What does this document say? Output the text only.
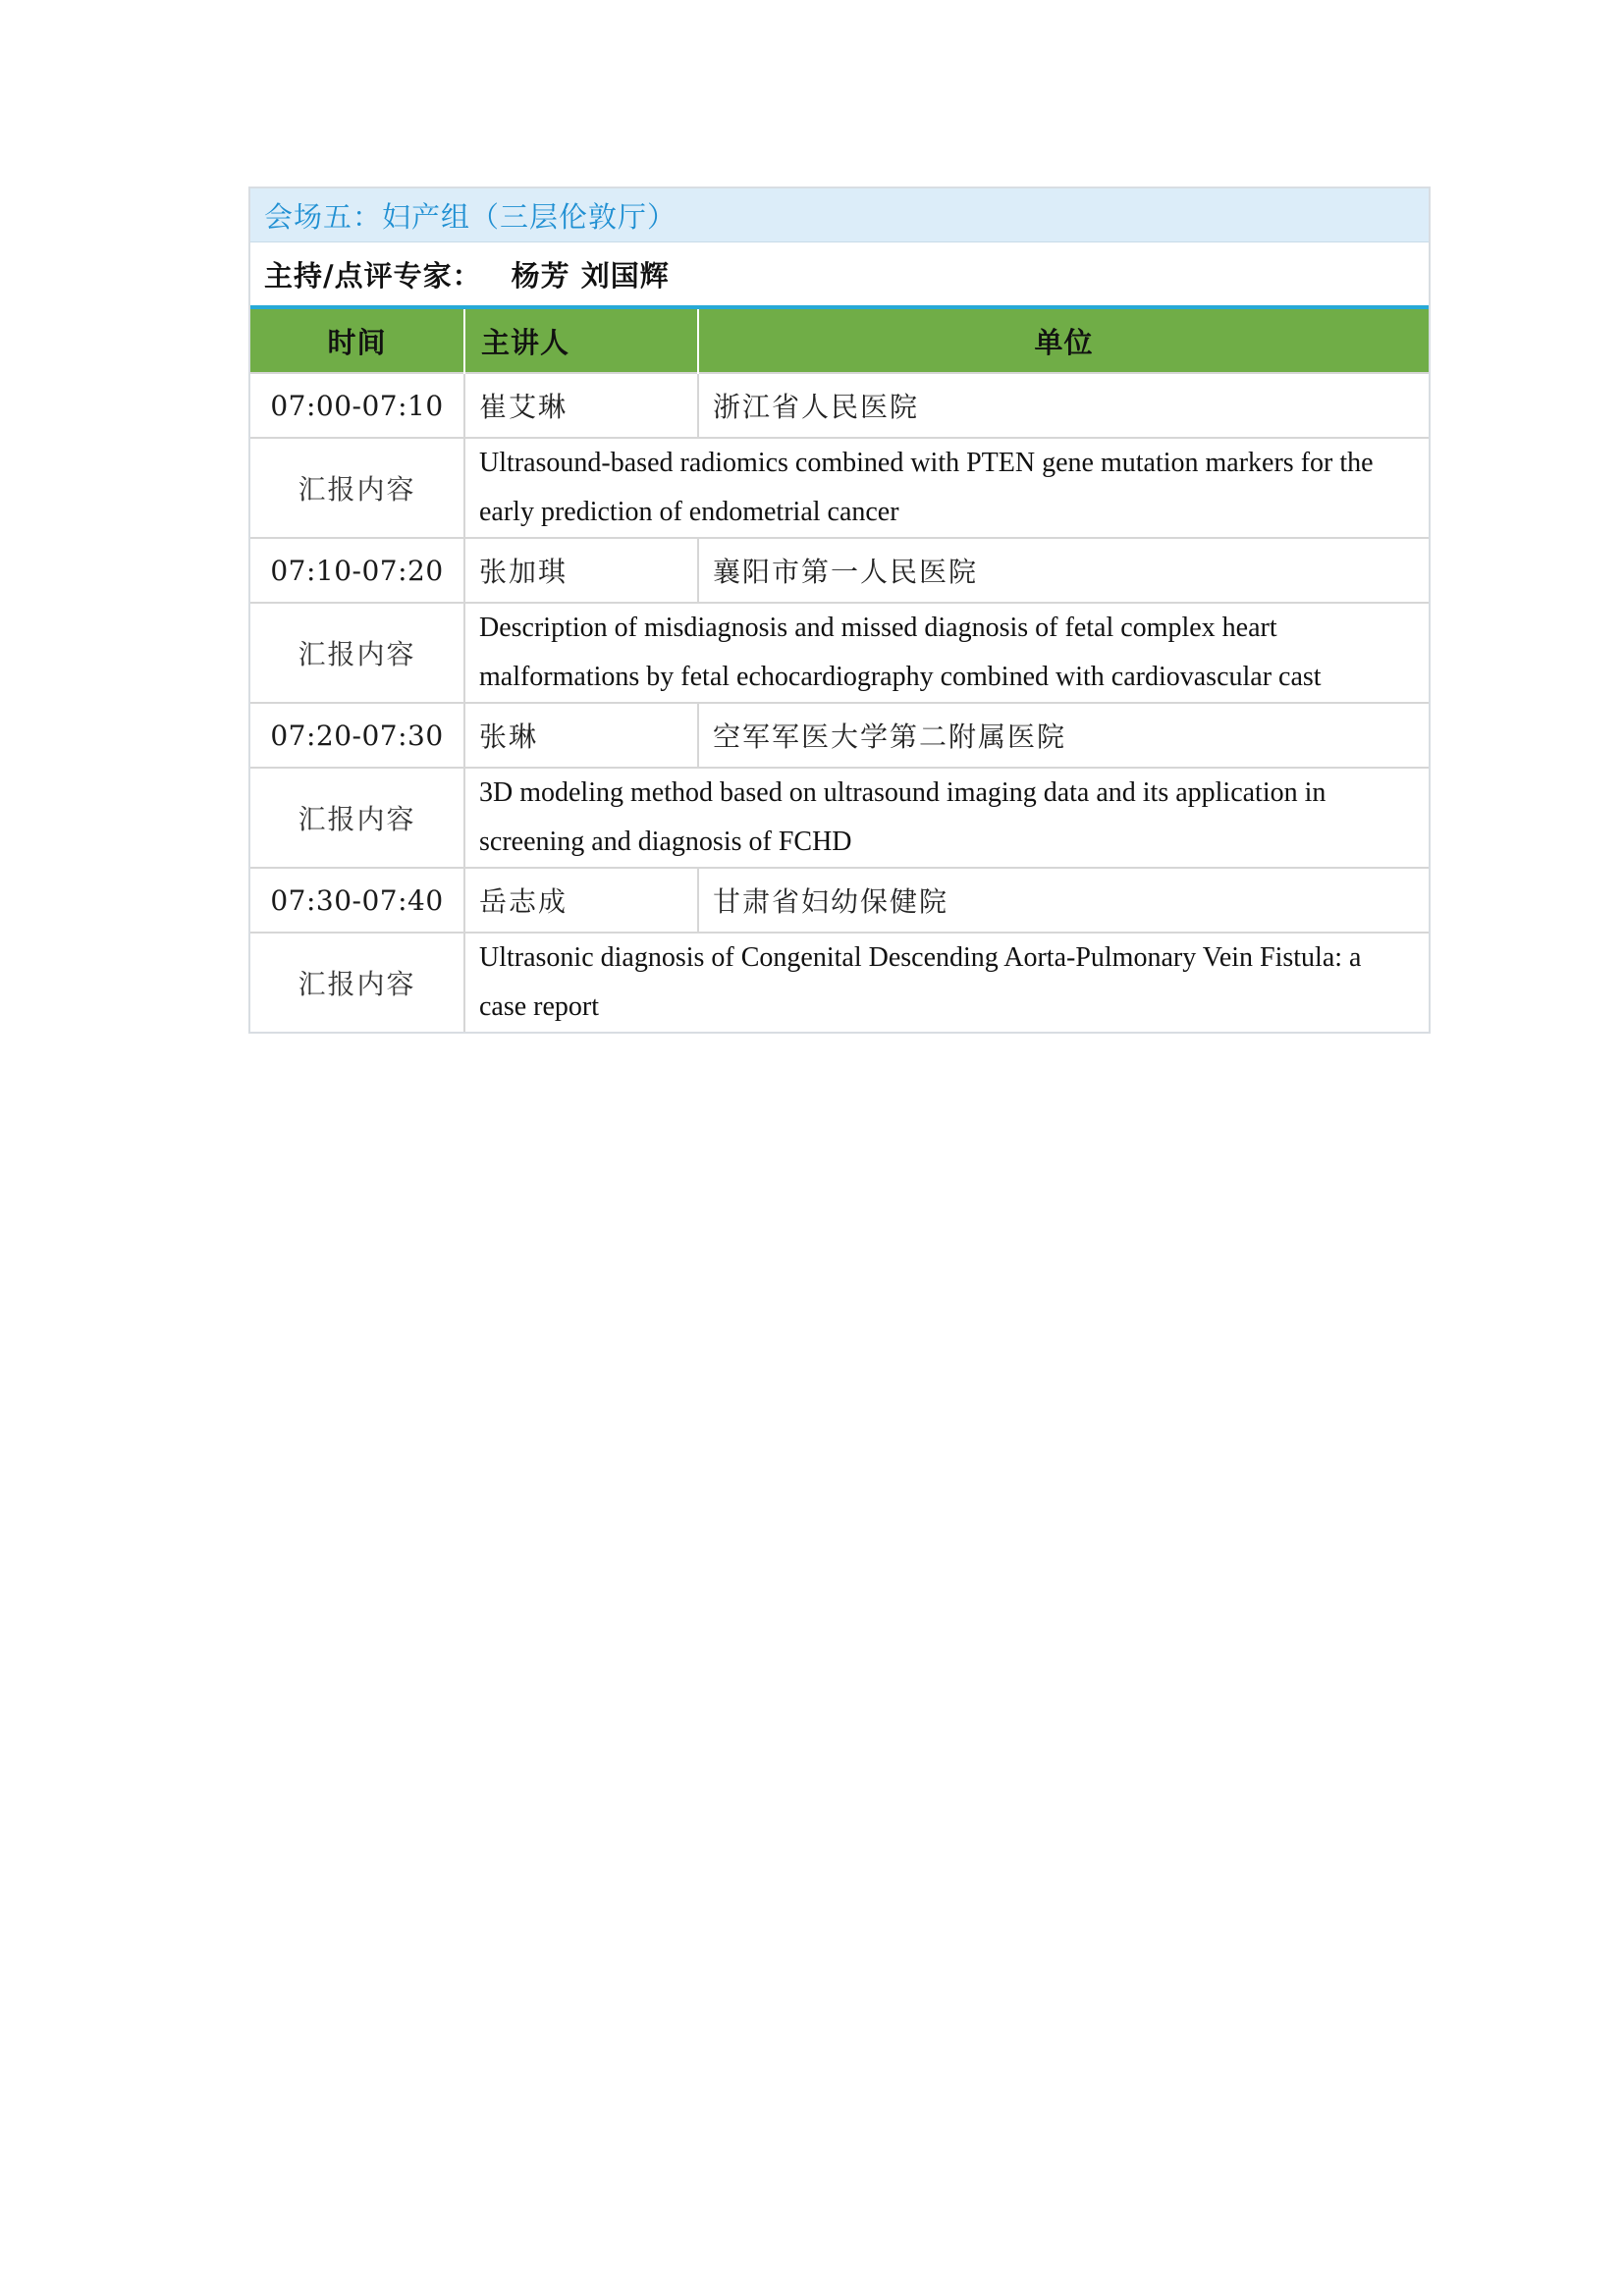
会场五：妇产组（三层伦敦厅）
主持/点评专家： 杨芳 刘国辉
时间	主讲人	单位
07:00-07:10	崔艾琳	浙江省人民医院
汇报内容	Ultrasound-based radiomics combined with PTEN gene mutation markers for the early prediction of endometrial cancer	
07:10-07:20	张加琪	襄阳市第一人民医院
汇报内容	Description of misdiagnosis and missed diagnosis of fetal complex heart malformations by fetal echocardiography combined with cardiovascular cast	
07:20-07:30	张琳	空军军医大学第二附属医院
汇报内容	3D modeling method based on ultrasound imaging data and its application in screening and diagnosis of FCHD	
07:30-07:40	岳志成	甘肃省妇幼保健院
汇报内容	Ultrasonic diagnosis of Congenital Descending Aorta-Pulmonary Vein Fistula: a case report	
